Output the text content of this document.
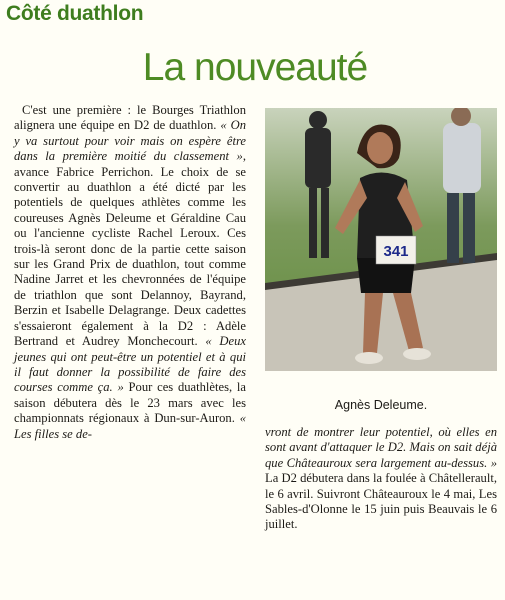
Côté duathlon
La nouveauté

C'est une première : le Bourges Triathlon alignera une équipe en D2 de duathlon. « On y va surtout pour voir mais on espère être dans la première moitié du classement », avance Fabrice Perrichon. Le choix de se convertir au duathlon a été dicté par les potentiels de quelques athlètes comme les coureuses Agnès Deleume et Géraldine Cau ou l'ancienne cycliste Rachel Leroux. Ces trois-là seront donc de la partie cette saison sur les Grand Prix de duathlon, tout comme Nadine Jarret et les chevronnées de l'équipe de triathlon que sont Delannoy, Bayrand, Berzin et Isabelle Delagrange. Deux cadettes s'essaieront également à la D2 : Adèle Bertrand et Audrey Monchecourt. « Deux jeunes qui ont peut-être un potentiel et à qui il faut donner la possibilité de faire des courses comme ça. » Pour ces duathlètes, la saison débutera dès le 23 mars avec les championnats régionaux à Dun-sur-Auron. « Les filles se de-

341
Agnès Deleume.

vront de montrer leur potentiel, où elles en sont avant d'attaquer le D2. Mais on sait déjà que Châteauroux sera largement au-dessus. » La D2 débutera dans la foulée à Châtellerault, le 6 avril. Suivront Châteauroux le 4 mai, Les Sables-d'Olonne le 15 juin puis Beauvais le 6 juillet.
